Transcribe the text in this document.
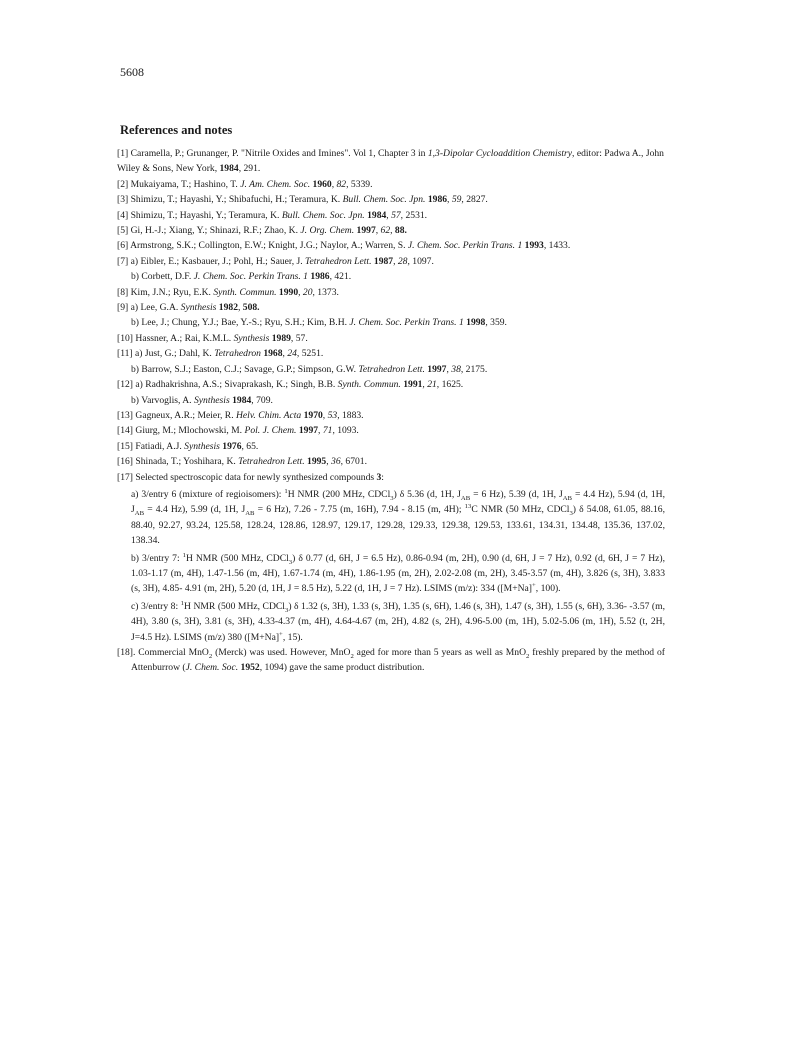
5608
References and notes
[1] Caramella, P.; Grunanger, P. "Nitrile Oxides and Imines". Vol 1, Chapter 3 in 1,3-Dipolar Cycloaddition Chemistry, editor: Padwa A., John Wiley & Sons, New York, 1984, 291.
[2] Mukaiyama, T.; Hashino, T. J. Am. Chem. Soc. 1960, 82, 5339.
[3] Shimizu, T.; Hayashi, Y.; Shibafuchi, H.; Teramura, K. Bull. Chem. Soc. Jpn. 1986, 59, 2827.
[4] Shimizu, T.; Hayashi, Y.; Teramura, K. Bull. Chem. Soc. Jpn. 1984, 57, 2531.
[5] Gi, H.-J.; Xiang, Y.; Shinazi, R.F.; Zhao, K. J. Org. Chem. 1997, 62, 88.
[6] Armstrong, S.K.; Collington, E.W.; Knight, J.G.; Naylor, A.; Warren, S. J. Chem. Soc. Perkin Trans. 1 1993, 1433.
[7] a) Eibler, E.; Kasbauer, J.; Pohl, H.; Sauer, J. Tetrahedron Lett. 1987, 28, 1097.
b) Corbett, D.F. J. Chem. Soc. Perkin Trans. 1 1986, 421.
[8] Kim, J.N.; Ryu, E.K. Synth. Commun. 1990, 20, 1373.
[9] a) Lee, G.A. Synthesis 1982, 508.
b) Lee, J.; Chung, Y.J.; Bae, Y.-S.; Ryu, S.H.; Kim, B.H. J. Chem. Soc. Perkin Trans. 1 1998, 359.
[10] Hassner, A.; Rai, K.M.L. Synthesis 1989, 57.
[11] a) Just, G.; Dahl, K. Tetrahedron 1968, 24, 5251.
b) Barrow, S.J.; Easton, C.J.; Savage, G.P.; Simpson, G.W. Tetrahedron Lett. 1997, 38, 2175.
[12] a) Radhakrishna, A.S.; Sivaprakash, K.; Singh, B.B. Synth. Commun. 1991, 21, 1625.
b) Varvoglis, A. Synthesis 1984, 709.
[13] Gagneux, A.R.; Meier, R. Helv. Chim. Acta 1970, 53, 1883.
[14] Giurg, M.; Mlochowski, M. Pol. J. Chem. 1997, 71, 1093.
[15] Fatiadi, A.J. Synthesis 1976, 65.
[16] Shinada, T.; Yoshihara, K. Tetrahedron Lett. 1995, 36, 6701.
[17] Selected spectroscopic data for newly synthesized compounds 3:
a) 3/entry 6 (mixture of regioisomers): $^1$H NMR (200 MHz, CDCl$_3$) δ 5.36 (d, 1H, $J_{AB} = 6$ Hz), 5.39 (d, 1H, $J_{AB} = 4.4$ Hz), 5.94 (d, 1H, $J_{AB} = 4.4$ Hz), 5.99 (d, 1H, $J_{AB} = 6$ Hz), 7.26 - 7.75 (m, 16H), 7.94 - 8.15 (m, 4H); $^{13}$C NMR (50 MHz, CDCl$_3$) δ 54.08, 61.05, 88.16, 88.40, 92.27, 93.24, 125.58, 128.24, 128.86, 128.97, 129.17, 129.28, 129.33, 129.38, 129.53, 133.61, 134.31, 134.48, 135.36, 137.02, 138.34.
b) 3/entry 7: $^1$H NMR (500 MHz, CDCl$_3$) δ 0.77 (d, 6H, J = 6.5 Hz), 0.86-0.94 (m, 2H), 0.90 (d, 6H, J = 7 Hz), 0.92 (d, 6H, J = 7 Hz), 1.03-1.17 (m, 4H), 1.47-1.56 (m, 4H), 1.67-1.74 (m, 4H), 1.86-1.95 (m, 2H), 2.02-2.08 (m, 2H), 3.45-3.57 (m, 4H), 3.826 (s, 3H), 3.833 (s, 3H), 4.85- 4.91 (m, 2H), 5.20 (d, 1H, J = 8.5 Hz), 5.22 (d, 1H, J = 7 Hz). LSIMS (m/z): 334 ([M+Na]+, 100).
c) 3/entry 8: $^1$H NMR (500 MHz, CDCl$_3$) δ 1.32 (s, 3H), 1.33 (s, 3H), 1.35 (s, 6H), 1.46 (s, 3H), 1.47 (s, 3H), 1.55 (s, 6H), 3.36- -3.57 (m, 4H), 3.80 (s, 3H), 3.81 (s, 3H), 4.33-4.37 (m, 4H), 4.64-4.67 (m, 2H), 4.82 (s, 2H), 4.96-5.00 (m, 1H), 5.02-5.06 (m, 1H), 5.52 (t, 2H, J=4.5 Hz). LSIMS (m/z) 380 ([M+Na]+, 15).
[18]. Commercial MnO$_2$ (Merck) was used. However, MnO$_2$ aged for more than 5 years as well as MnO$_2$ freshly prepared by the method of Attenburrow (J. Chem. Soc. 1952, 1094) gave the same product distribution.
